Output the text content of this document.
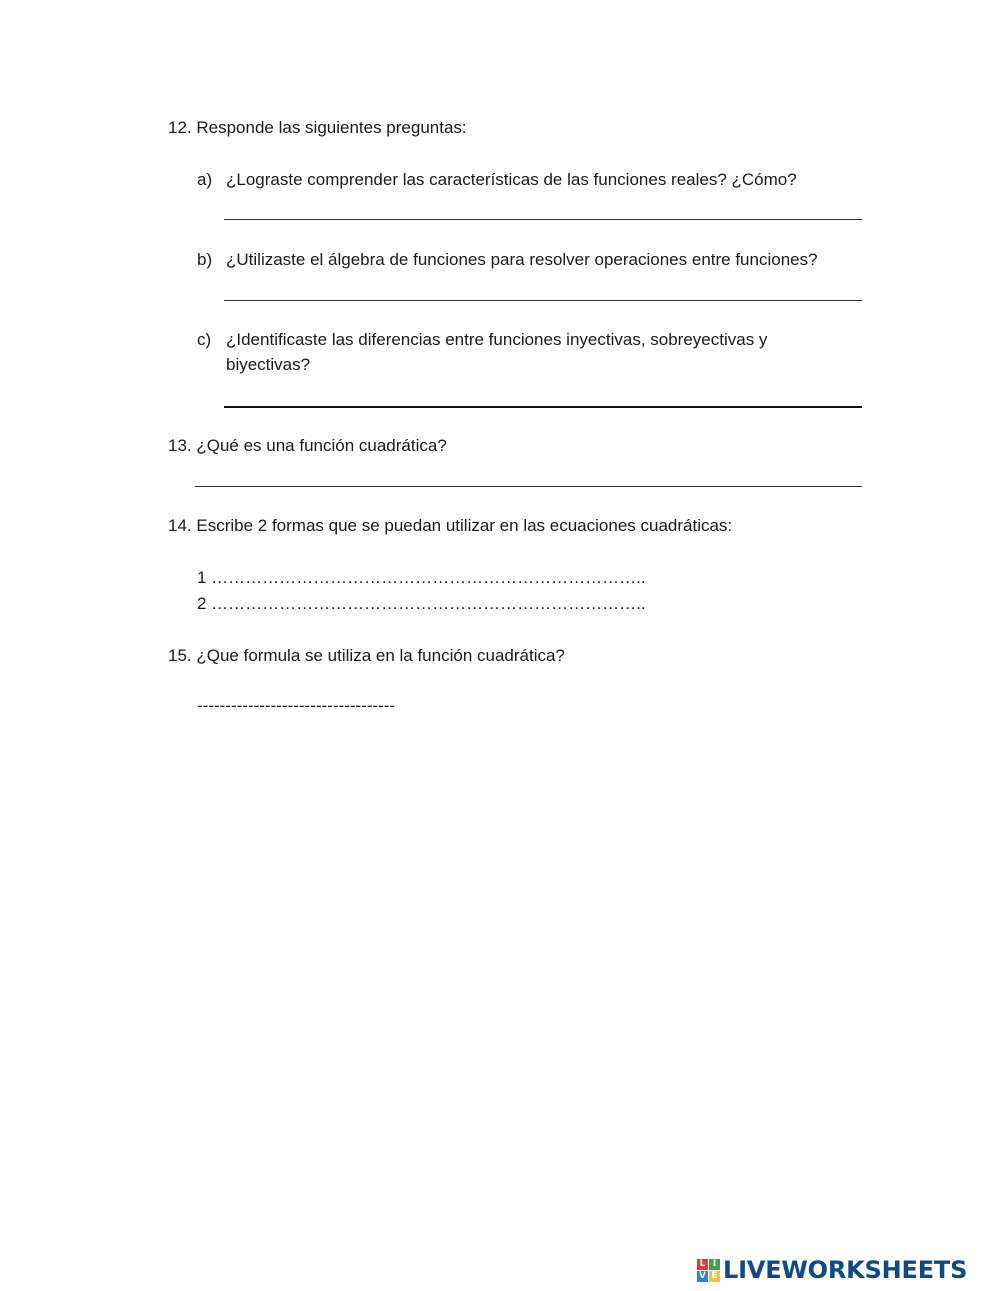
12. Responde las siguientes preguntas:
a) ¿Lograste comprender las características de las funciones reales? ¿Cómo?
b) ¿Utilizaste el álgebra de funciones para resolver operaciones entre funciones?
c) ¿Identificaste las diferencias entre funciones inyectivas, sobreyectivas y
biyectivas?
13. ¿Qué es una función cuadrática?
14. Escribe 2 formas que se puedan utilizar en las ecuaciones cuadráticas:
1 …………………………………………………………………..
2 …………………………………………………………………..
15. ¿Que formula se utiliza en la función cuadrática?
-----------------------------------
L I
V E LIVEWORKSHEETS
